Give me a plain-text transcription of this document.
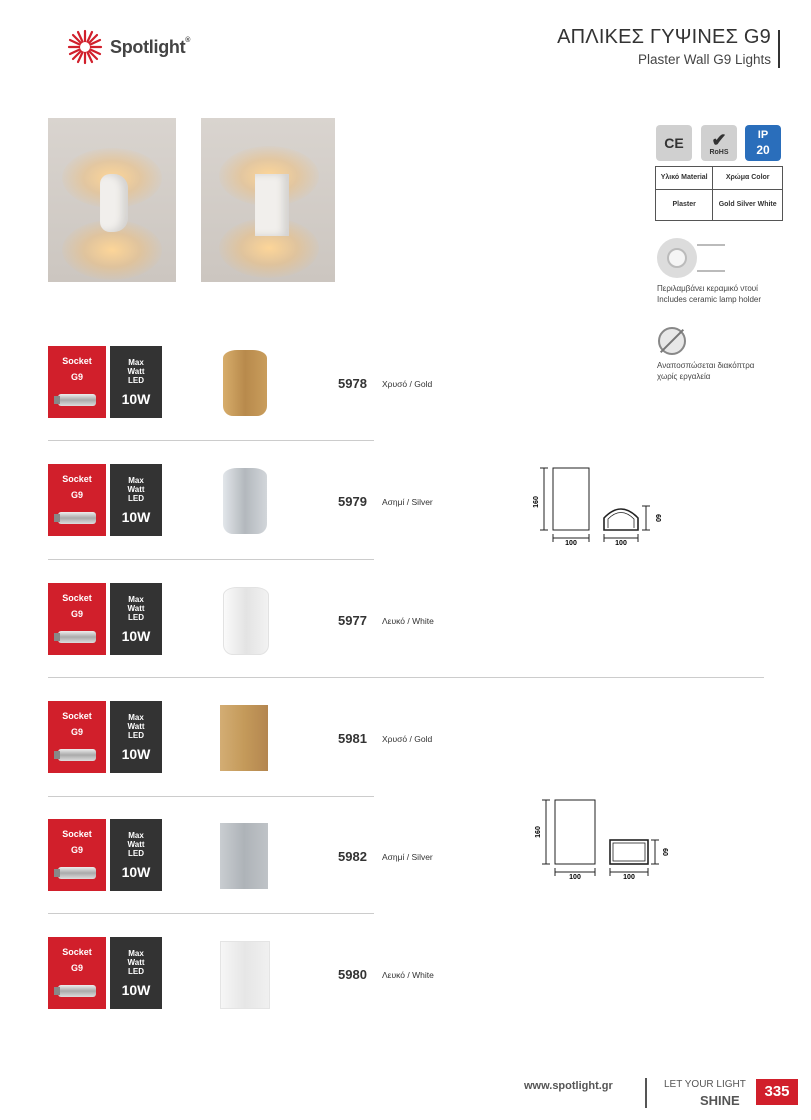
Spotlight®	ΑΠΛΙΚΕΣ ΓΥΨΙΝΕΣ G9
Plaster Wall G9 Lights
CE	✔
RoHS
IP
20
Υλικό Material	Χρώμα Color
Plaster	Gold Silver White
Περιλαμβάνει κεραμικό ντουί
Includes ceramic lamp holder
Αναποσπώσεται διακόπτρα
χωρίς εργαλεία
Socket
G9
Max
Watt
LED
10W
5978 Χρυσό / Gold
Socket
G9
Max
Watt
LED
10W
5979 Ασημί / Silver
Socket
G9
Max
Watt
LED
10W
5977 Λευκό / White
Socket
G9
Max
Watt
LED
10W
5981 Χρυσό / Gold
Socket
G9
Max
Watt
LED
10W
5982 Ασημί / Silver
Socket
G9
Max
Watt
LED
10W
5980 Λευκό / White
160
100	100
60
160
100	100
60
www.spotlight.gr	LET YOUR LIGHT
SHINE
335
